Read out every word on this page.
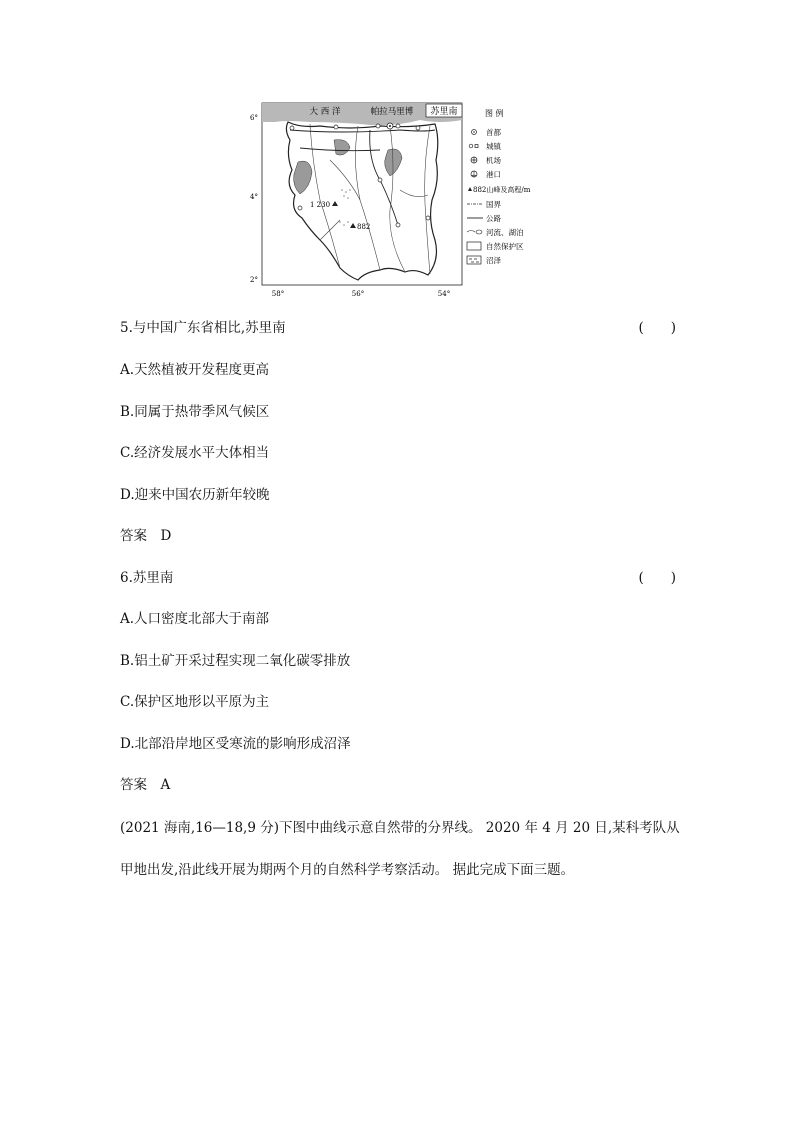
苏里南
大 西 洋	帕拉马里博
1 230
882
6°
4°
2°
58°	56°	54°
图 例
首都
城镇
机场
港口
882山峰及高程/m
国界
公路
河流、湖泊
自然保护区
沼泽
5.与中国广东省相比,苏里南	(　　)
A.天然植被开发程度更高
B.同属于热带季风气候区
C.经济发展水平大体相当
D.迎来中国农历新年较晚
答案　D
6.苏里南	(　　)
A.人口密度北部大于南部
B.铝土矿开采过程实现二氧化碳零排放
C.保护区地形以平原为主
D.北部沿岸地区受寒流的影响形成沼泽
答案　A
(2021 海南,16—18,9 分)下图中曲线示意自然带的分界线。 2020 年 4 月 20 日,某科考队从
甲地出发,沿此线开展为期两个月的自然科学考察活动。 据此完成下面三题。
